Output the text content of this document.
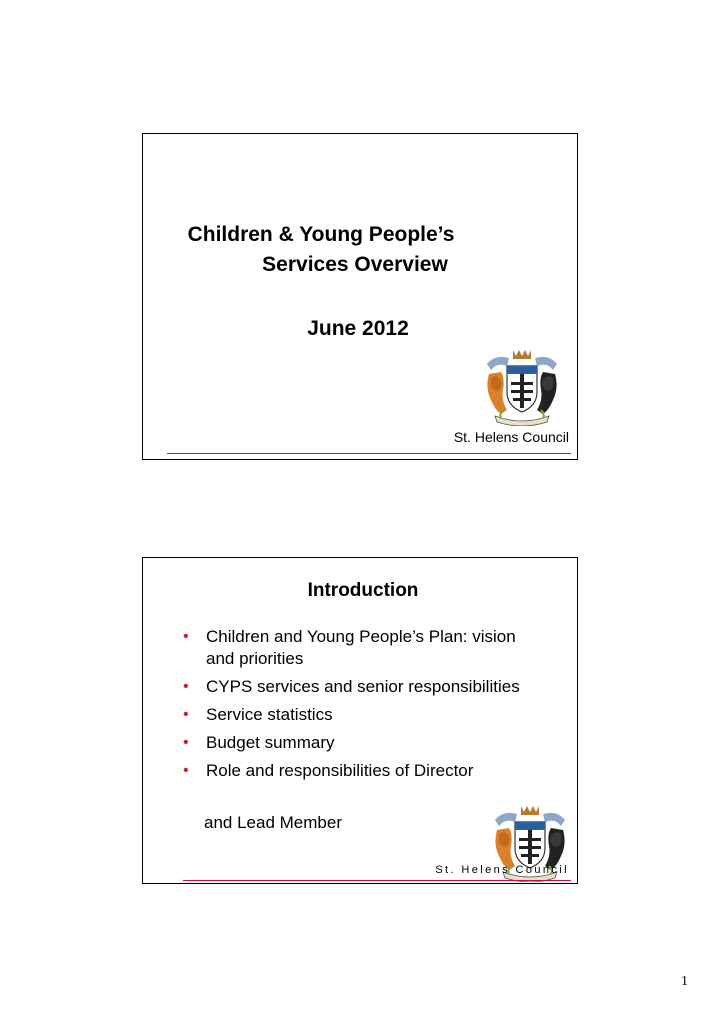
Children & Young People’s
Services Overview
June 2012
St. Helens Council
Introduction
• Children and Young People’s Plan: vision and priorities
• CYPS services and senior responsibilities
• Service statistics
• Budget summary
• Role and responsibilities of Director
and Lead Member
St. Helens Council
1
